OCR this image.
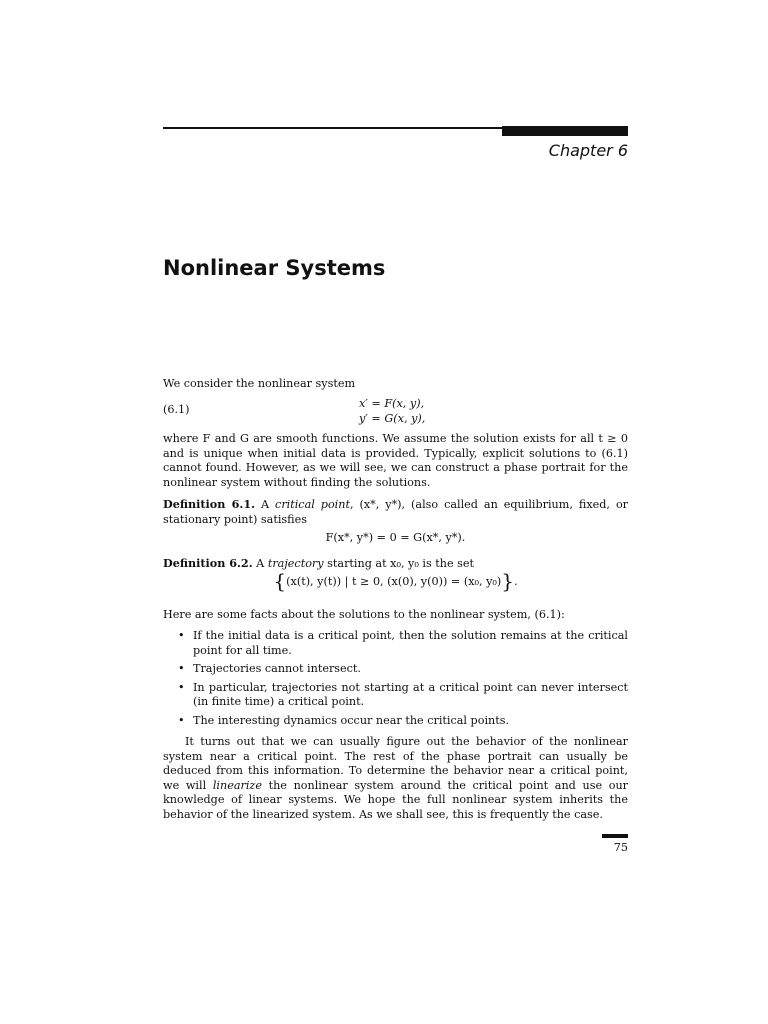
Chapter 6
Nonlinear Systems
We consider the nonlinear system
(6.1)	x′ = F(x, y),
y′ = G(x, y),

where F and G are smooth functions. We assume the solution exists for all t ≥ 0 and is unique when initial data is provided. Typically, explicit solutions to (6.1) cannot found. However, as we will see, we can construct a phase portrait for the nonlinear system without finding the solutions.

Definition 6.1. A critical point, (x*, y*), (also called an equilibrium, fixed, or stationary point) satisfies

F(x*, y*) = 0 = G(x*, y*).

Definition 6.2. A trajectory starting at x₀, y₀ is the set

{(x(t), y(t)) | t ≥ 0, (x(0), y(0)) = (x₀, y₀)}.
Here are some facts about the solutions to the nonlinear system, (6.1):
• If the initial data is a critical point, then the solution remains at the critical point for all time.
• Trajectories cannot intersect.
• In particular, trajectories not starting at a critical point can never intersect (in finite time) a critical point.
• The interesting dynamics occur near the critical points.

It turns out that we can usually figure out the behavior of the nonlinear system near a critical point. The rest of the phase portrait can usually be deduced from this information. To determine the behavior near a critical point, we will linearize the nonlinear system around the critical point and use our knowledge of linear systems. We hope the full nonlinear system inherits the behavior of the linearized system. As we shall see, this is frequently the case.

75
